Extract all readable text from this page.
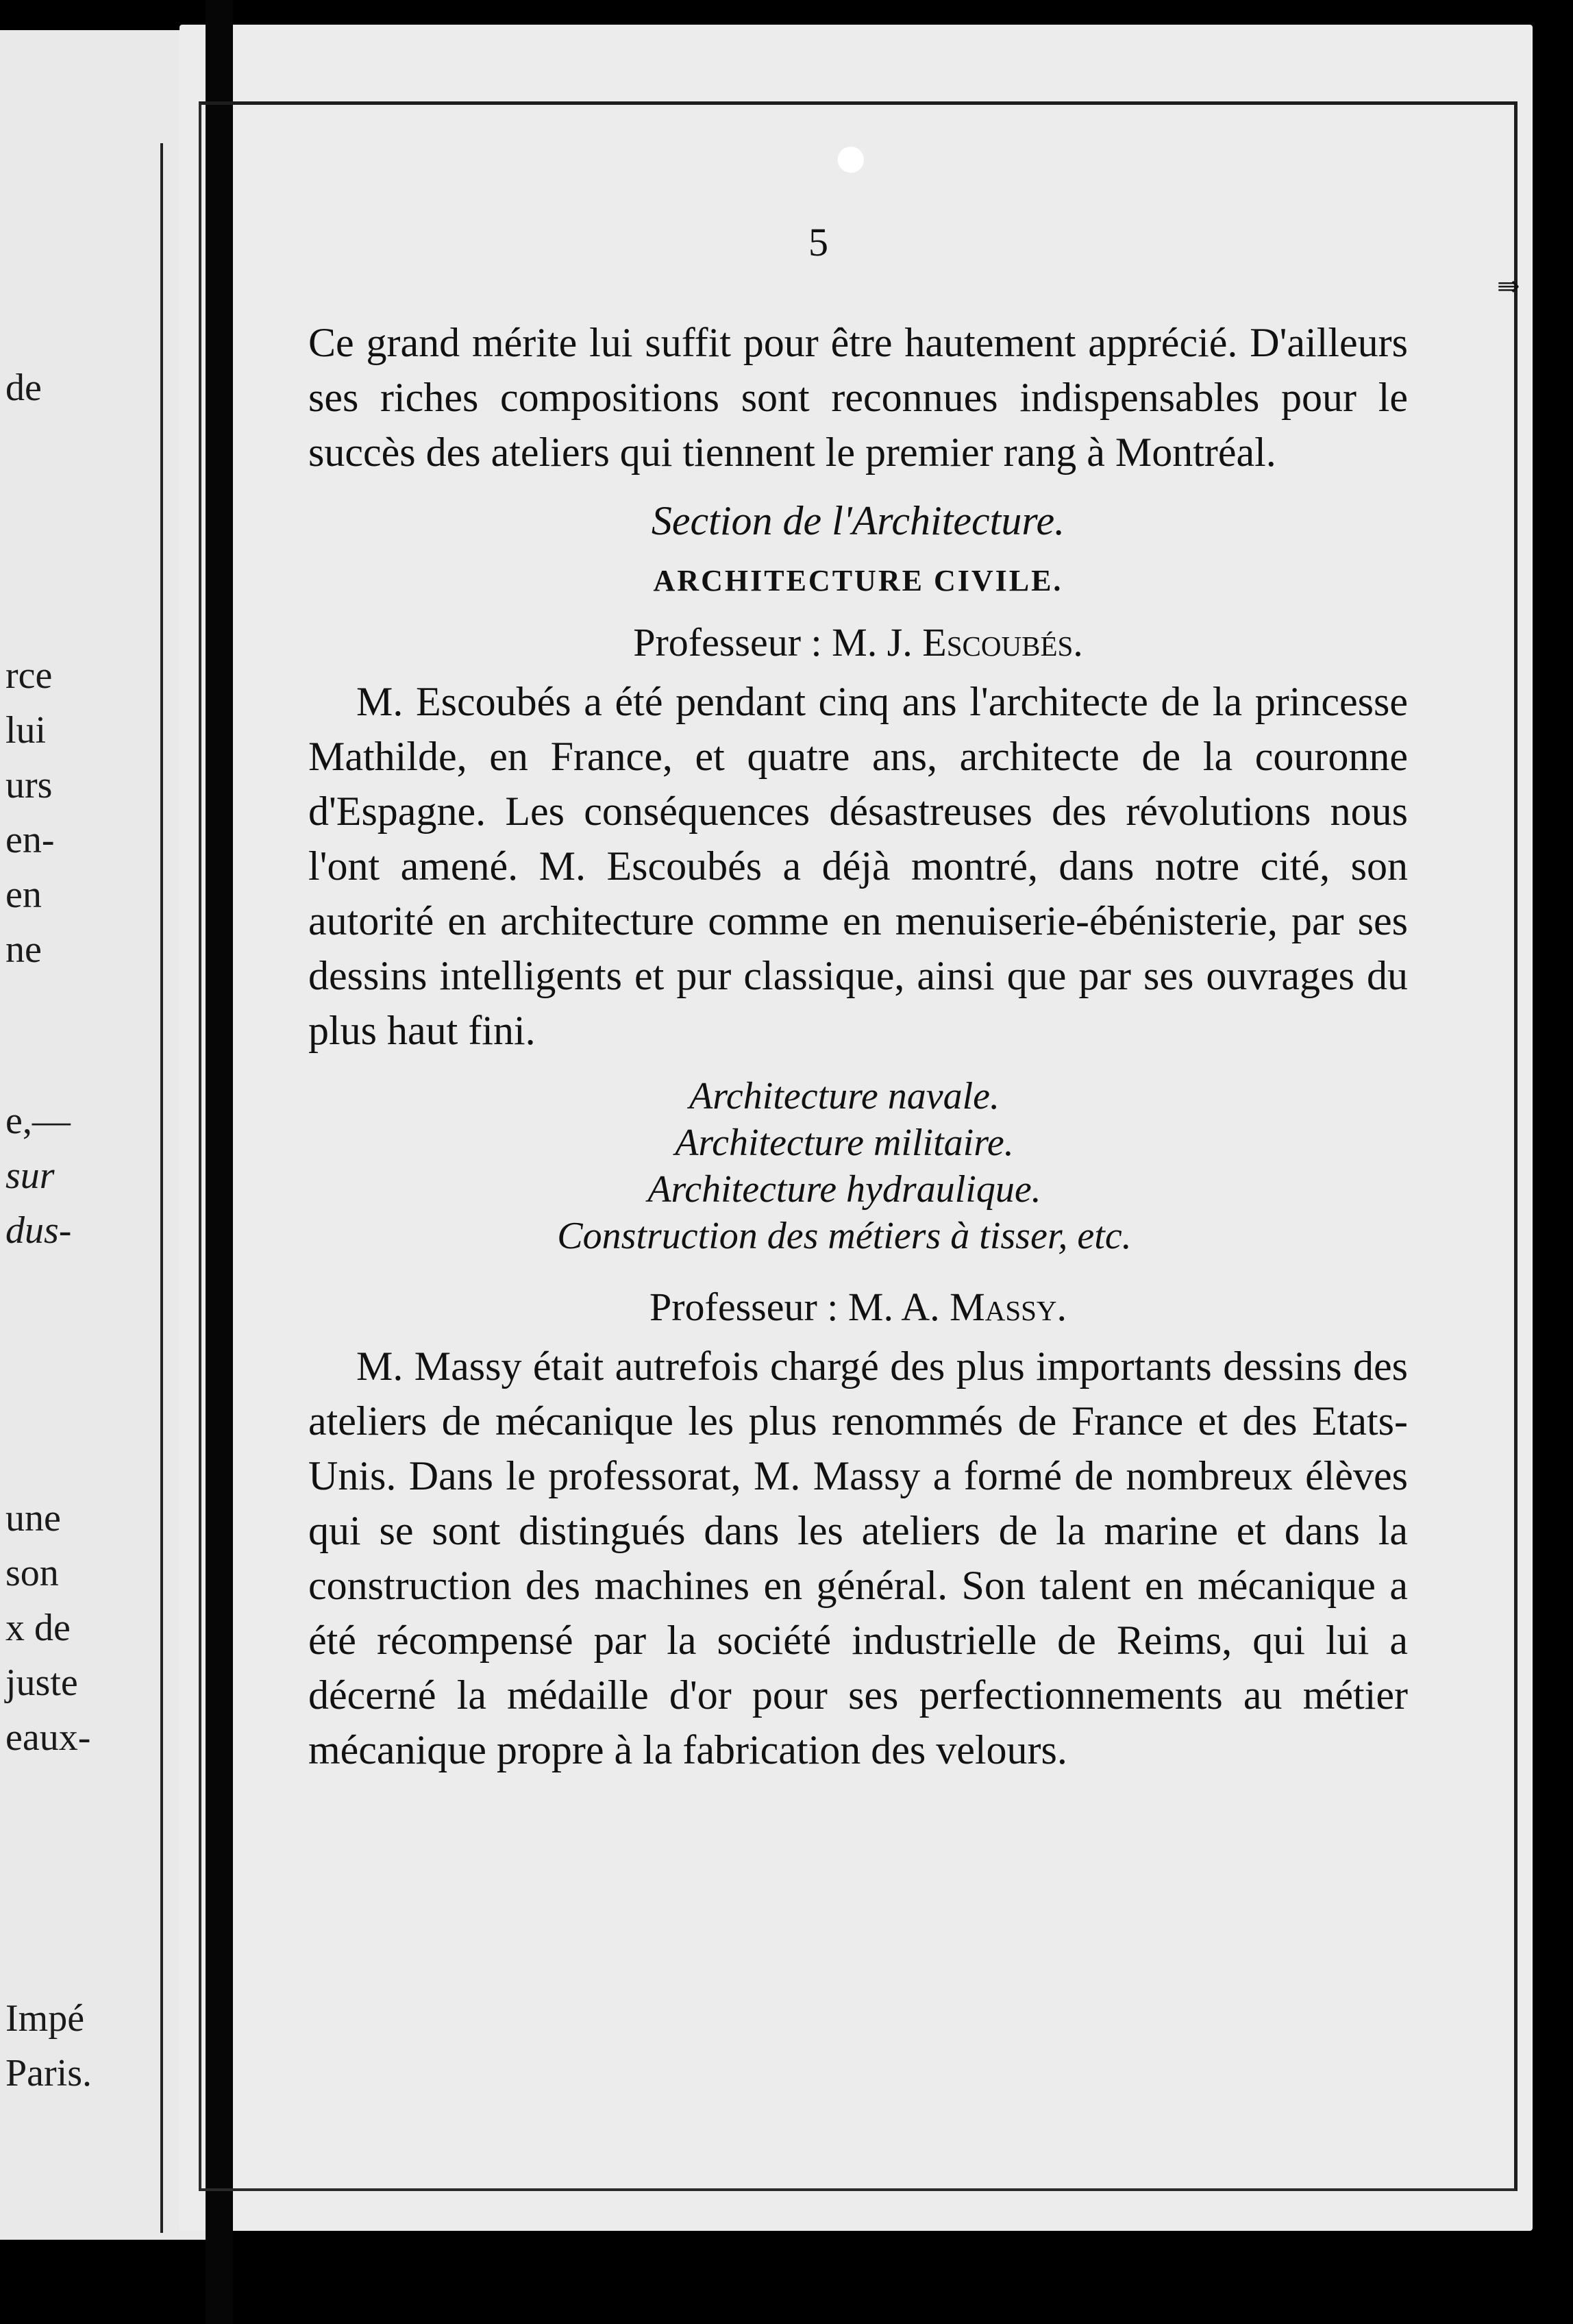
de
rce
lui
urs
en-
en
ne
e,—
sur
dus-
une
son
x de
juste
eaux-
Impé
Paris.
●
⇛
5

Ce grand mérite lui suffit pour être hautement apprécié. D'ailleurs ses riches compositions sont reconnues indispensables pour le succès des ateliers qui tiennent le premier rang à Montréal.

Section de l'Architecture.

ARCHITECTURE CIVILE.

Professeur : M. J. Escoubés.

M. Escoubés a été pendant cinq ans l'architecte de la princesse Mathilde, en France, et quatre ans, architecte de la couronne d'Espagne. Les conséquences désastreuses des révolutions nous l'ont amené. M. Escoubés a déjà montré, dans notre cité, son autorité en architecture comme en menuiserie-ébénisterie, par ses dessins intelligents et pur classique, ainsi que par ses ouvrages du plus haut fini.

Architecture navale.

Architecture militaire.

Architecture hydraulique.

Construction des métiers à tisser, etc.

Professeur : M. A. Massy.

M. Massy était autrefois chargé des plus importants dessins des ateliers de mécanique les plus renommés de France et des Etats-Unis. Dans le professorat, M. Massy a formé de nombreux élèves qui se sont distingués dans les ateliers de la marine et dans la construction des machines en général. Son talent en mécanique a été récompensé par la société industrielle de Reims, qui lui a décerné la médaille d'or pour ses perfectionnements au métier mécanique propre à la fabrication des velours.
